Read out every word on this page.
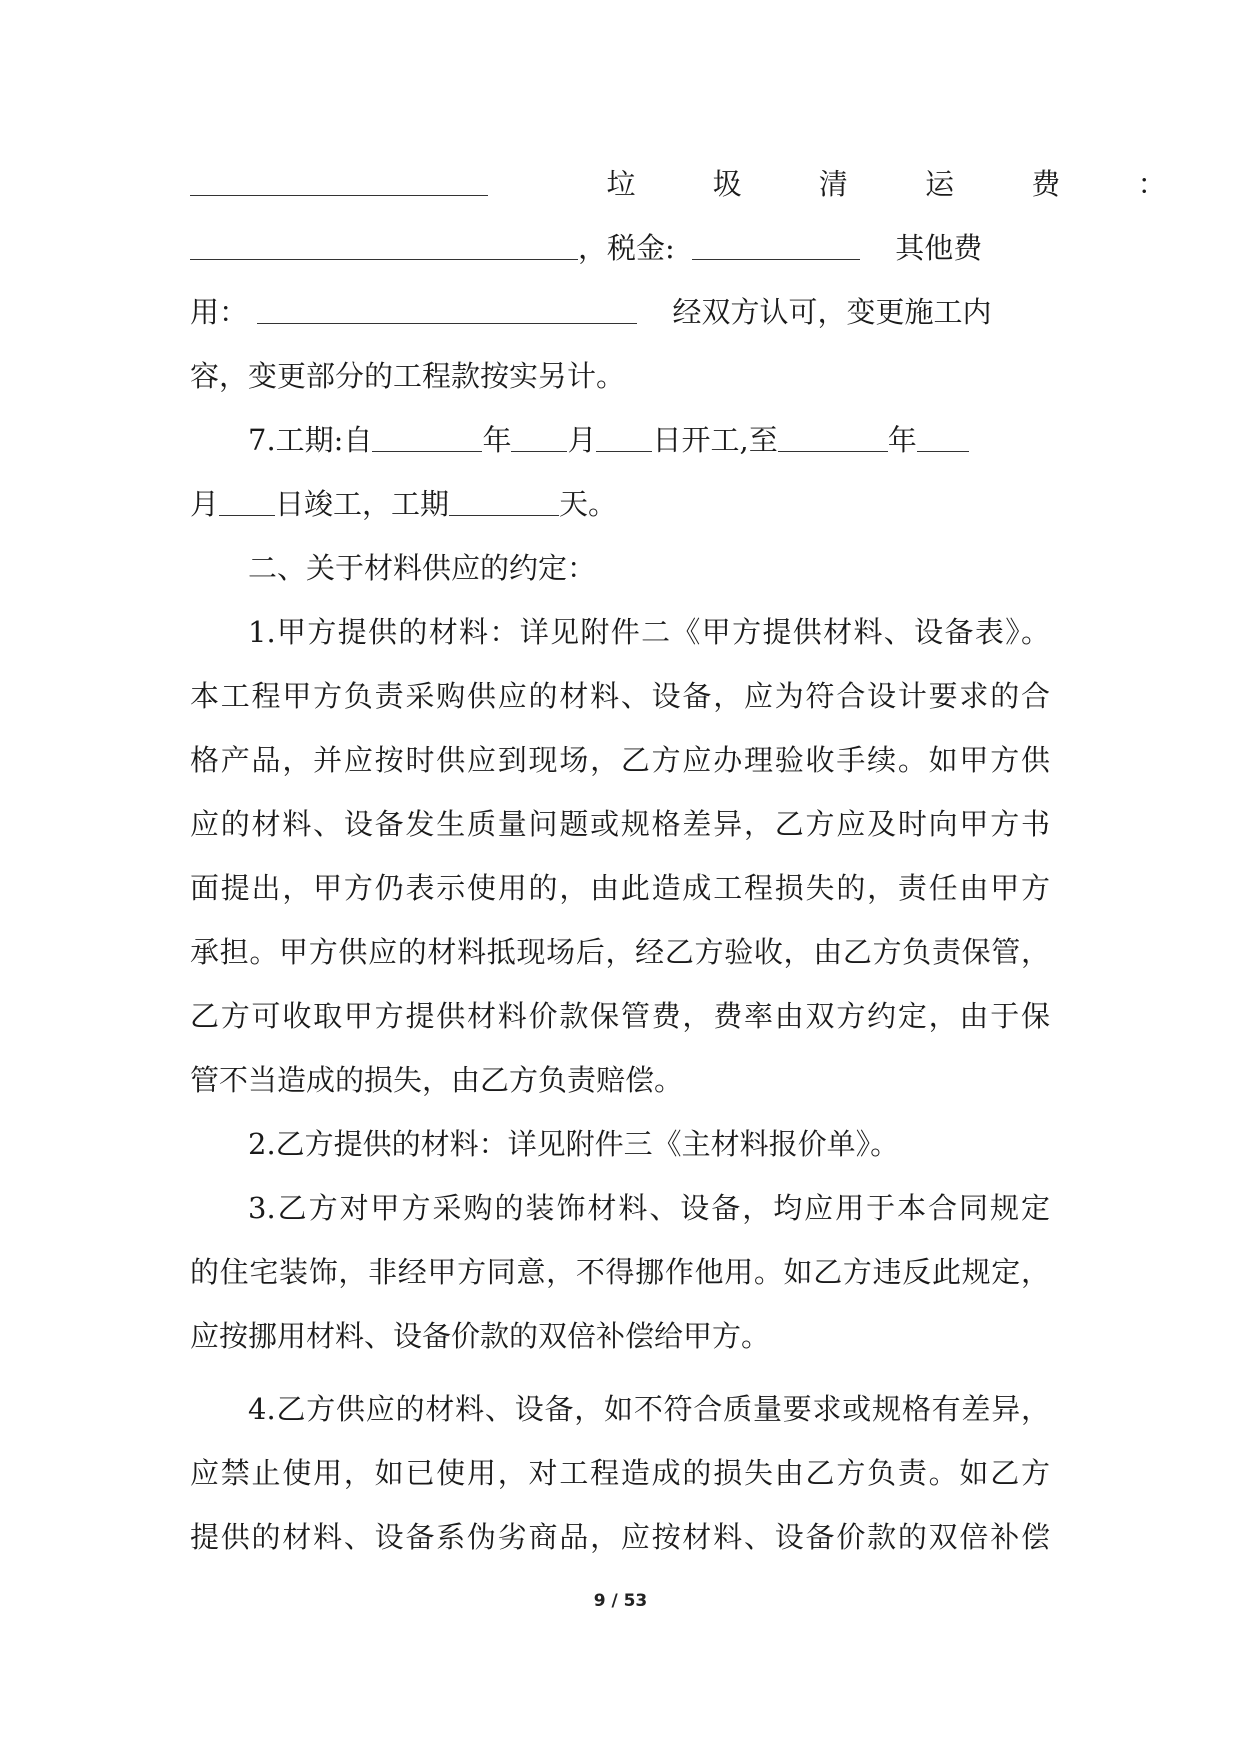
垃 圾 清 运 费 ：
，税金:	其他费
用：	经双方认可，变更施工内
容，变更部分的工程款按实另计。
7.工期:自	年 月 日开工,至	年
月 日竣工，工期	天。
二、关于材料供应的约定：
1.甲方提供的材料：详见附件二《甲方提供材料、设备表》。
本工程甲方负责采购供应的材料、设备，应为符合设计要求的合
格产品，并应按时供应到现场，乙方应办理验收手续。如甲方供
应的材料、设备发生质量问题或规格差异，乙方应及时向甲方书
面提出，甲方仍表示使用的，由此造成工程损失的，责任由甲方
承担。甲方供应的材料抵现场后，经乙方验收，由乙方负责保管，
乙方可收取甲方提供材料价款保管费，费率由双方约定，由于保
管不当造成的损失，由乙方负责赔偿。
2.乙方提供的材料：详见附件三《主材料报价单》。
3.乙方对甲方采购的装饰材料、设备，均应用于本合同规定
的住宅装饰，非经甲方同意，不得挪作他用。如乙方违反此规定，
应按挪用材料、设备价款的双倍补偿给甲方。
4.乙方供应的材料、设备，如不符合质量要求或规格有差异，
应禁止使用，如已使用，对工程造成的损失由乙方负责。如乙方
提供的材料、设备系伪劣商品，应按材料、设备价款的双倍补偿
9 / 53
